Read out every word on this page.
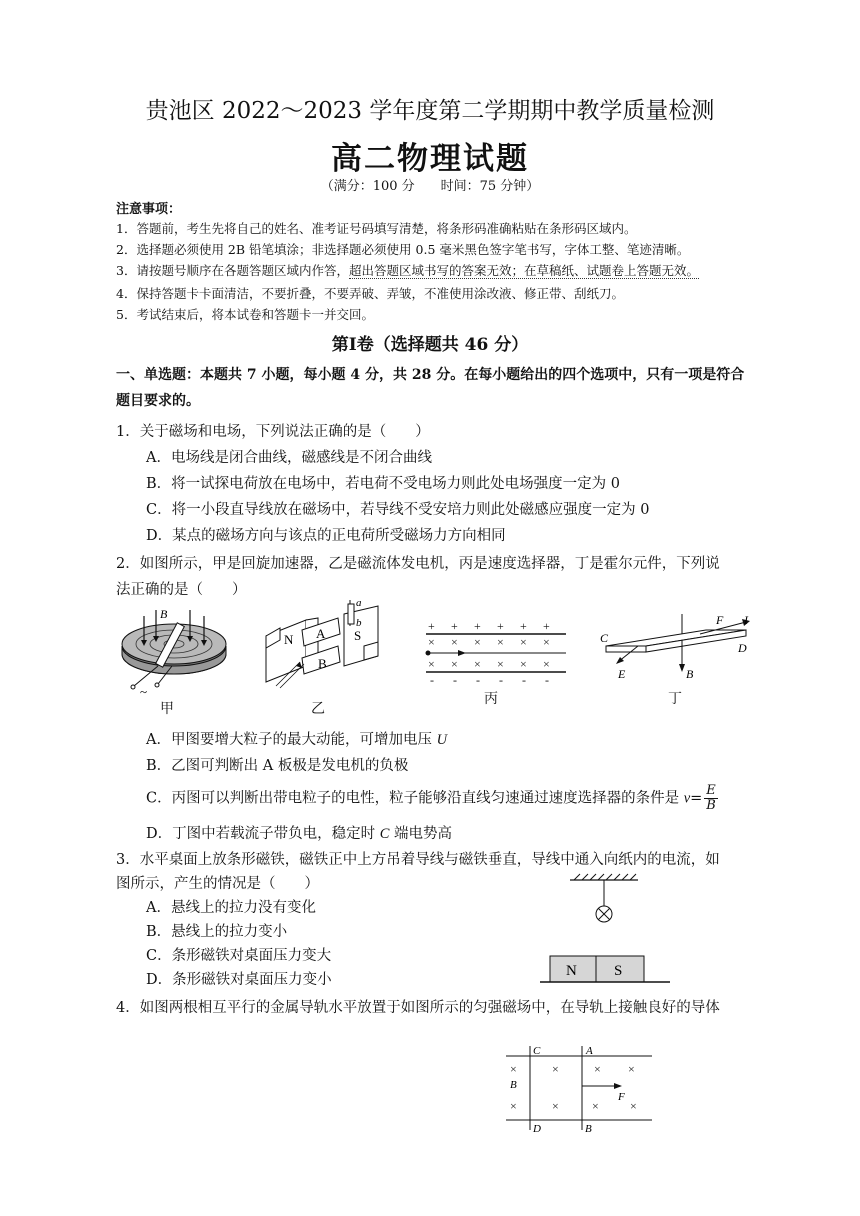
贵池区 2022～2023 学年度第二学期期中教学质量检测
高二物理试题
（满分：100 分　　时间：75 分钟）
注意事项：
1．答题前，考生先将自己的姓名、准考证号码填写清楚，将条形码准确粘贴在条形码区域内。
2．选择题必须使用 2B 铅笔填涂；非选择题必须使用 0.5 毫米黑色签字笔书写，字体工整、笔迹清晰。
3．请按题号顺序在各题答题区域内作答，超出答题区域书写的答案无效；在草稿纸、试题卷上答题无效。
4．保持答题卡卡面清洁，不要折叠，不要弄破、弄皱，不准使用涂改液、修正带、刮纸刀。
5．考试结束后，将本试卷和答题卡一并交回。
第Ⅰ卷（选择题共 46 分）
一、单选题：本题共 7 小题，每小题 4 分，共 28 分。在每小题给出的四个选项中，只有一项是符合题目要求的。
1．关于磁场和电场，下列说法正确的是（　　）
A．电场线是闭合曲线，磁感线是不闭合曲线
B．将一试探电荷放在电场中，若电荷不受电场力则此处电场强度一定为 0
C．将一小段直导线放在磁场中，若导线不受安培力则此处磁感应强度一定为 0
D．某点的磁场方向与该点的正电荷所受磁场力方向相同
2．如图所示，甲是回旋加速器，乙是磁流体发电机，丙是速度选择器，丁是霍尔元件，下列说
法正确的是（　　）
B
~
甲
N A
B
S
a
b
乙
+ + + + + +
× × × × × ×
× × × × × ×
- - - - - -
丙
B
F I
C
D
E
丁
A．甲图要增大粒子的最大动能，可增加电压 U
B．乙图可判断出 A 板极是发电机的负极
C．丙图可以判断出带电粒子的电性，粒子能够沿直线匀速通过速度选择器的条件是 $v= \frac{E}{B}$
D．丁图中若载流子带负电，稳定时 C 端电势高
3．水平桌面上放条形磁铁，磁铁正中上方吊着导线与磁铁垂直，导线中通入向纸内的电流，如
图所示，产生的情况是（　　）
A．悬线上的拉力没有变化
B．悬线上的拉力变小
C．条形磁铁对桌面压力变大
D．条形磁铁对桌面压力变小
N S
4．如图两根相互平行的金属导轨水平放置于如图所示的匀强磁场中，在导轨上接触良好的导体
C	A
D	B
B
×	×	× ×
×	×	×	×
F
